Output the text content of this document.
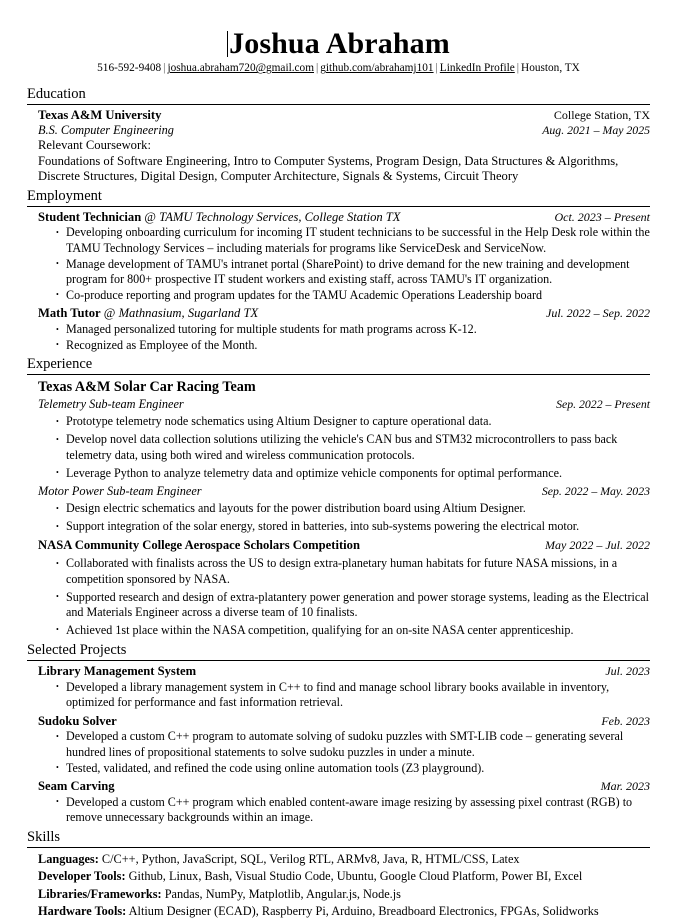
Joshua Abraham
516-592-9408 | joshua.abraham720@gmail.com | github.com/abrahamj101 | LinkedIn Profile | Houston, TX
Education
Texas A&M University	College Station, TX
B.S. Computer Engineering	Aug. 2021 – May 2025
Relevant Coursework:
Foundations of Software Engineering, Intro to Computer Systems, Program Design, Data Structures & Algorithms,
Discrete Structures, Digital Design, Computer Architecture, Signals & Systems, Circuit Theory
Employment
Student Technician @ TAMU Technology Services, College Station TX	Oct. 2023 – Present
• Developing onboarding curriculum for incoming IT student technicians to be successful in the Help Desk role within the TAMU Technology Services – including materials for programs like ServiceDesk and ServiceNow.
• Manage development of TAMU's intranet portal (SharePoint) to drive demand for the new training and development program for 800+ prospective IT student workers and existing staff, across TAMU's IT organization.
• Co-produce reporting and program updates for the TAMU Academic Operations Leadership board
Math Tutor @ Mathnasium, Sugarland TX	Jul. 2022 – Sep. 2022
• Managed personalized tutoring for multiple students for math programs across K-12.
• Recognized as Employee of the Month.
Experience
Texas A&M Solar Car Racing Team
Telemetry Sub-team Engineer	Sep. 2022 – Present
• Prototype telemetry node schematics using Altium Designer to capture operational data.
• Develop novel data collection solutions utilizing the vehicle's CAN bus and STM32 microcontrollers to pass back telemetry data, using both wired and wireless communication protocols.
• Leverage Python to analyze telemetry data and optimize vehicle components for optimal performance.
Motor Power Sub-team Engineer	Sep. 2022 – May. 2023
• Design electric schematics and layouts for the power distribution board using Altium Designer.
• Support integration of the solar energy, stored in batteries, into sub-systems powering the electrical motor.
NASA Community College Aerospace Scholars Competition	May 2022 – Jul. 2022
• Collaborated with finalists across the US to design extra-planetary human habitats for future NASA missions, in a competition sponsored by NASA.
• Supported research and design of extra-platantery power generation and power storage systems, leading as the Electrical and Materials Engineer across a diverse team of 10 finalists.
• Achieved 1st place within the NASA competition, qualifying for an on-site NASA center apprenticeship.
Selected Projects
Library Management System	Jul. 2023
• Developed a library management system in C++ to find and manage school library books available in inventory, optimized for performance and fast information retrieval.
Sudoku Solver	Feb. 2023
• Developed a custom C++ program to automate solving of sudoku puzzles with SMT-LIB code – generating several hundred lines of propositional statements to solve sudoku puzzles in under a minute.
• Tested, validated, and refined the code using online automation tools (Z3 playground).
Seam Carving	Mar. 2023
• Developed a custom C++ program which enabled content-aware image resizing by assessing pixel contrast (RGB) to remove unnecessary backgrounds within an image.
Skills
Languages: C/C++, Python, JavaScript, SQL, Verilog RTL, ARMv8, Java, R, HTML/CSS, Latex
Developer Tools: Github, Linux, Bash, Visual Studio Code, Ubuntu, Google Cloud Platform, Power BI, Excel
Libraries/Frameworks: Pandas, NumPy, Matplotlib, Angular.js, Node.js
Hardware Tools: Altium Designer (ECAD), Raspberry Pi, Arduino, Breadboard Electronics, FPGAs, Solidworks
